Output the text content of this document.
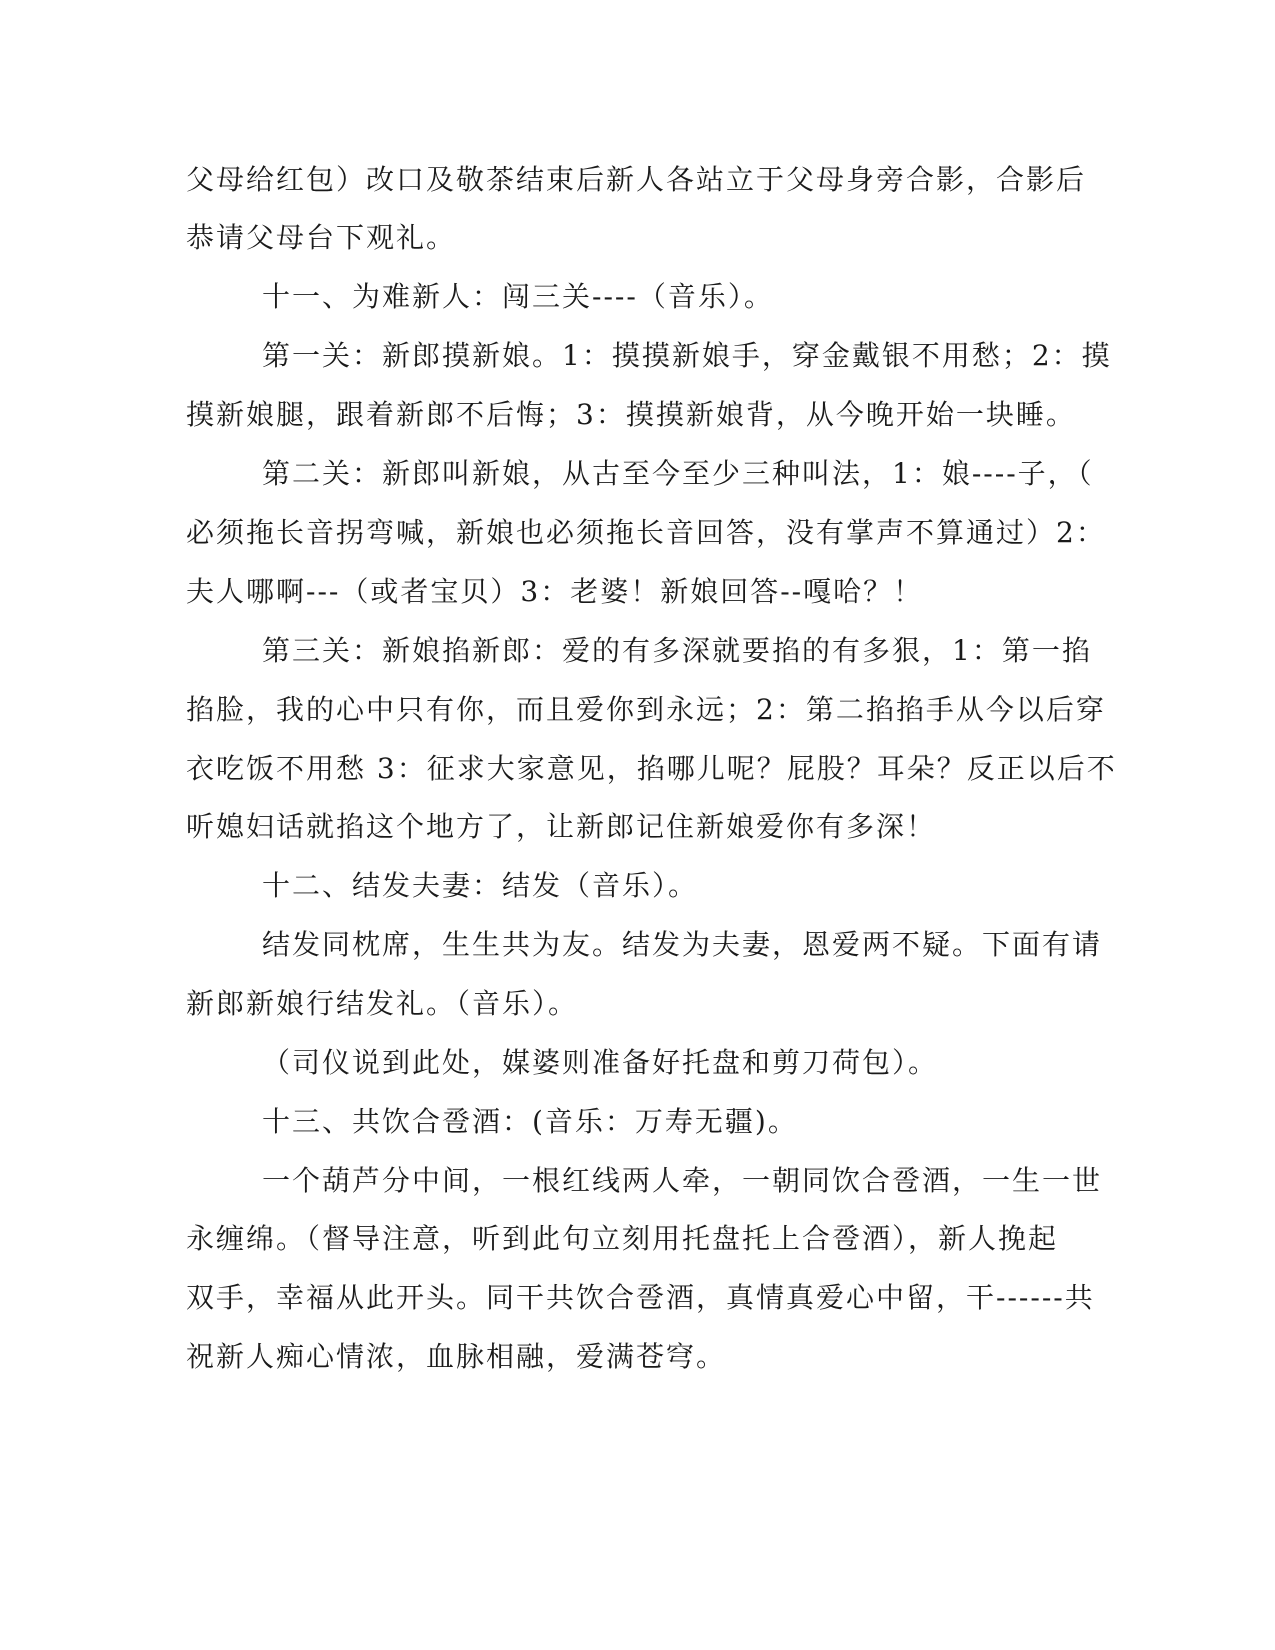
父母给红包）改口及敬茶结束后新人各站立于父母身旁合影，合影后
恭请父母台下观礼。
十一、为难新人：闯三关----（音乐）。
第一关：新郎摸新娘。1：摸摸新娘手，穿金戴银不用愁；2：摸
摸新娘腿，跟着新郎不后悔；3：摸摸新娘背，从今晚开始一块睡。
第二关：新郎叫新娘，从古至今至少三种叫法，1：娘----子，（
必须拖长音拐弯喊，新娘也必须拖长音回答，没有掌声不算通过）2：
夫人哪啊---（或者宝贝）3：老婆！新娘回答--嘎哈？！
第三关：新娘掐新郎：爱的有多深就要掐的有多狠，1：第一掐
掐脸，我的心中只有你，而且爱你到永远；2：第二掐掐手从今以后穿
衣吃饭不用愁 3：征求大家意见，掐哪儿呢？屁股？耳朵？反正以后不
听媳妇话就掐这个地方了，让新郎记住新娘爱你有多深！
十二、结发夫妻：结发（音乐）。
结发同枕席，生生共为友。结发为夫妻，恩爱两不疑。下面有请
新郎新娘行结发礼。（音乐）。
（司仪说到此处，媒婆则准备好托盘和剪刀荷包）。
十三、共饮合卺酒：(音乐：万寿无疆)。
一个葫芦分中间，一根红线两人牵，一朝同饮合卺酒，一生一世
永缠绵。（督导注意，听到此句立刻用托盘托上合卺酒），新人挽起
双手，幸福从此开头。同干共饮合卺酒，真情真爱心中留，干------共
祝新人痴心情浓，血脉相融，爱满苍穹。
